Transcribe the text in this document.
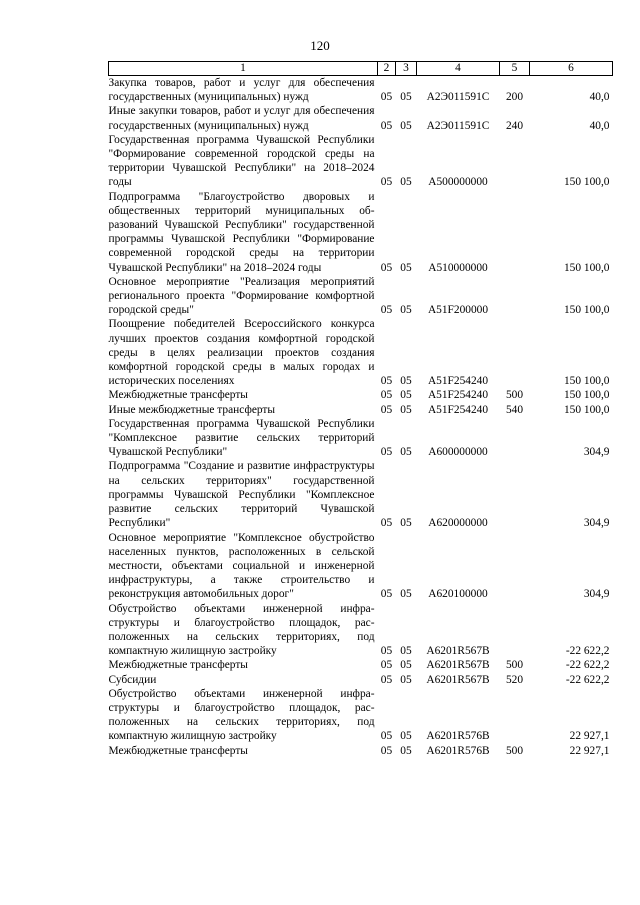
120
1	2	3	4	5	6
Закупка товаров, работ и услуг для обеспечения государственных (муниципальных) нужд	05	05	А2Э011591С	200	40,0
Иные закупки товаров, работ и услуг для обеспечения государственных (муниципальных) нужд	05	05	А2Э011591С	240	40,0
Государственная программа Чувашской Республики "Формирование современной городской среды на территории Чувашской Республики" на 2018–2024 годы	05	05	А500000000		150 100,0
Подпрограмма "Благоустройство дворовых и общественных территорий муниципальных образований Чувашской Республики" государственной программы Чувашской Республики "Формирование современной городской среды на территории Чувашской Республики" на 2018–2024 годы	05	05	А510000000		150 100,0
Основное мероприятие "Реализация мероприятий регионального проекта "Формирование комфортной городской среды"	05	05	А51F200000		150 100,0
Поощрение победителей Всероссийского конкурса лучших проектов создания комфортной городской среды в целях реализации проектов создания комфортной городской среды в малых городах и исторических поселениях	05	05	А51F254240		150 100,0
Межбюджетные трансферты	05	05	А51F254240	500	150 100,0
Иные межбюджетные трансферты	05	05	А51F254240	540	150 100,0
Государственная программа Чувашской Республики "Комплексное развитие сельских территорий Чувашской Республики"	05	05	А600000000		304,9
Подпрограмма "Создание и развитие инфраструктуры на сельских территориях" государственной программы Чувашской Республики "Комплексное развитие сельских территорий Чувашской Республики"	05	05	А620000000		304,9
Основное мероприятие "Комплексное обустройство населенных пунктов, расположенных в сельской местности, объектами социальной и инженерной инфраструктуры, а также строительство и реконструкция автомобильных дорог"	05	05	А620100000		304,9
Обустройство объектами инженерной инфраструктуры и благоустройство площадок, расположенных на сельских территориях, под компактную жилищную застройку	05	05	А6201R567В		-22 622,2
Межбюджетные трансферты	05	05	А6201R567В	500	-22 622,2
Субсидии	05	05	А6201R567В	520	-22 622,2
Обустройство объектами инженерной инфраструктуры и благоустройство площадок, расположенных на сельских территориях, под компактную жилищную застройку	05	05	А6201R576В		22 927,1
Межбюджетные трансферты	05	05	А6201R576В	500	22 927,1
